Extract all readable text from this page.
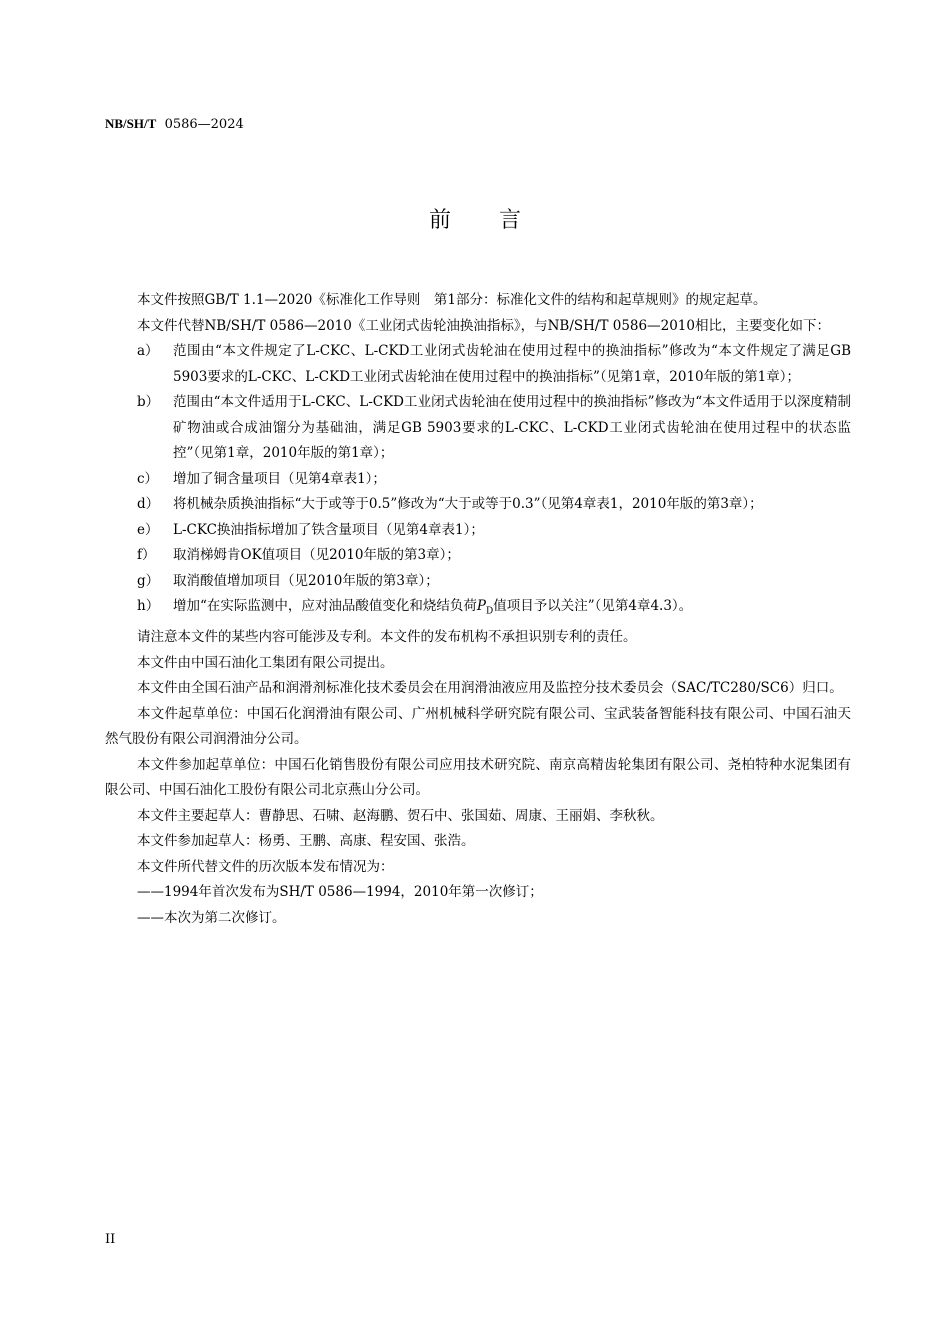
NB/SH/T 0586—2024
前言

本文件按照GB/T 1.1—2020《标准化工作导则　第1部分：标准化文件的结构和起草规则》的规定起草。

本文件代替NB/SH/T 0586—2010《工业闭式齿轮油换油指标》，与NB/SH/T 0586—2010相比，主要变化如下：

a）	范围由“本文件规定了L-CKC、L-CKD工业闭式齿轮油在使用过程中的换油指标”修改为“本文件规定了满足GB 5903要求的L-CKC、L-CKD工业闭式齿轮油在使用过程中的换油指标”（见第1章，2010年版的第1章）；
b）	范围由“本文件适用于L-CKC、L-CKD工业闭式齿轮油在使用过程中的换油指标”修改为“本文件适用于以深度精制矿物油或合成油馏分为基础油，满足GB 5903要求的L-CKC、L-CKD工业闭式齿轮油在使用过程中的状态监控”（见第1章，2010年版的第1章）；
c）	增加了铜含量项目（见第4章表1）；
d）	将机械杂质换油指标“大于或等于0.5”修改为“大于或等于0.3”（见第4章表1，2010年版的第3章）；
e）	L-CKC换油指标增加了铁含量项目（见第4章表1）；
f）	取消梯姆肯OK值项目（见2010年版的第3章）；
g）	取消酸值增加项目（见2010年版的第3章）；
h）	增加“在实际监测中，应对油品酸值变化和烧结负荷$P_D$值项目予以关注”（见第4章4.3）。

请注意本文件的某些内容可能涉及专利。本文件的发布机构不承担识别专利的责任。

本文件由中国石油化工集团有限公司提出。

本文件由全国石油产品和润滑剂标准化技术委员会在用润滑油液应用及监控分技术委员会（SAC/TC280/SC6）归口。

本文件起草单位：中国石化润滑油有限公司、广州机械科学研究院有限公司、宝武装备智能科技有限公司、中国石油天然气股份有限公司润滑油分公司。

本文件参加起草单位：中国石化销售股份有限公司应用技术研究院、南京高精齿轮集团有限公司、尧柏特种水泥集团有限公司、中国石油化工股份有限公司北京燕山分公司。

本文件主要起草人：曹静思、石啸、赵海鹏、贺石中、张国茹、周康、王丽娟、李秋秋。

本文件参加起草人：杨勇、王鹏、高康、程安国、张浩。

本文件所代替文件的历次版本发布情况为：

——1994年首次发布为SH/T 0586—1994，2010年第一次修订；

——本次为第二次修订。

II
